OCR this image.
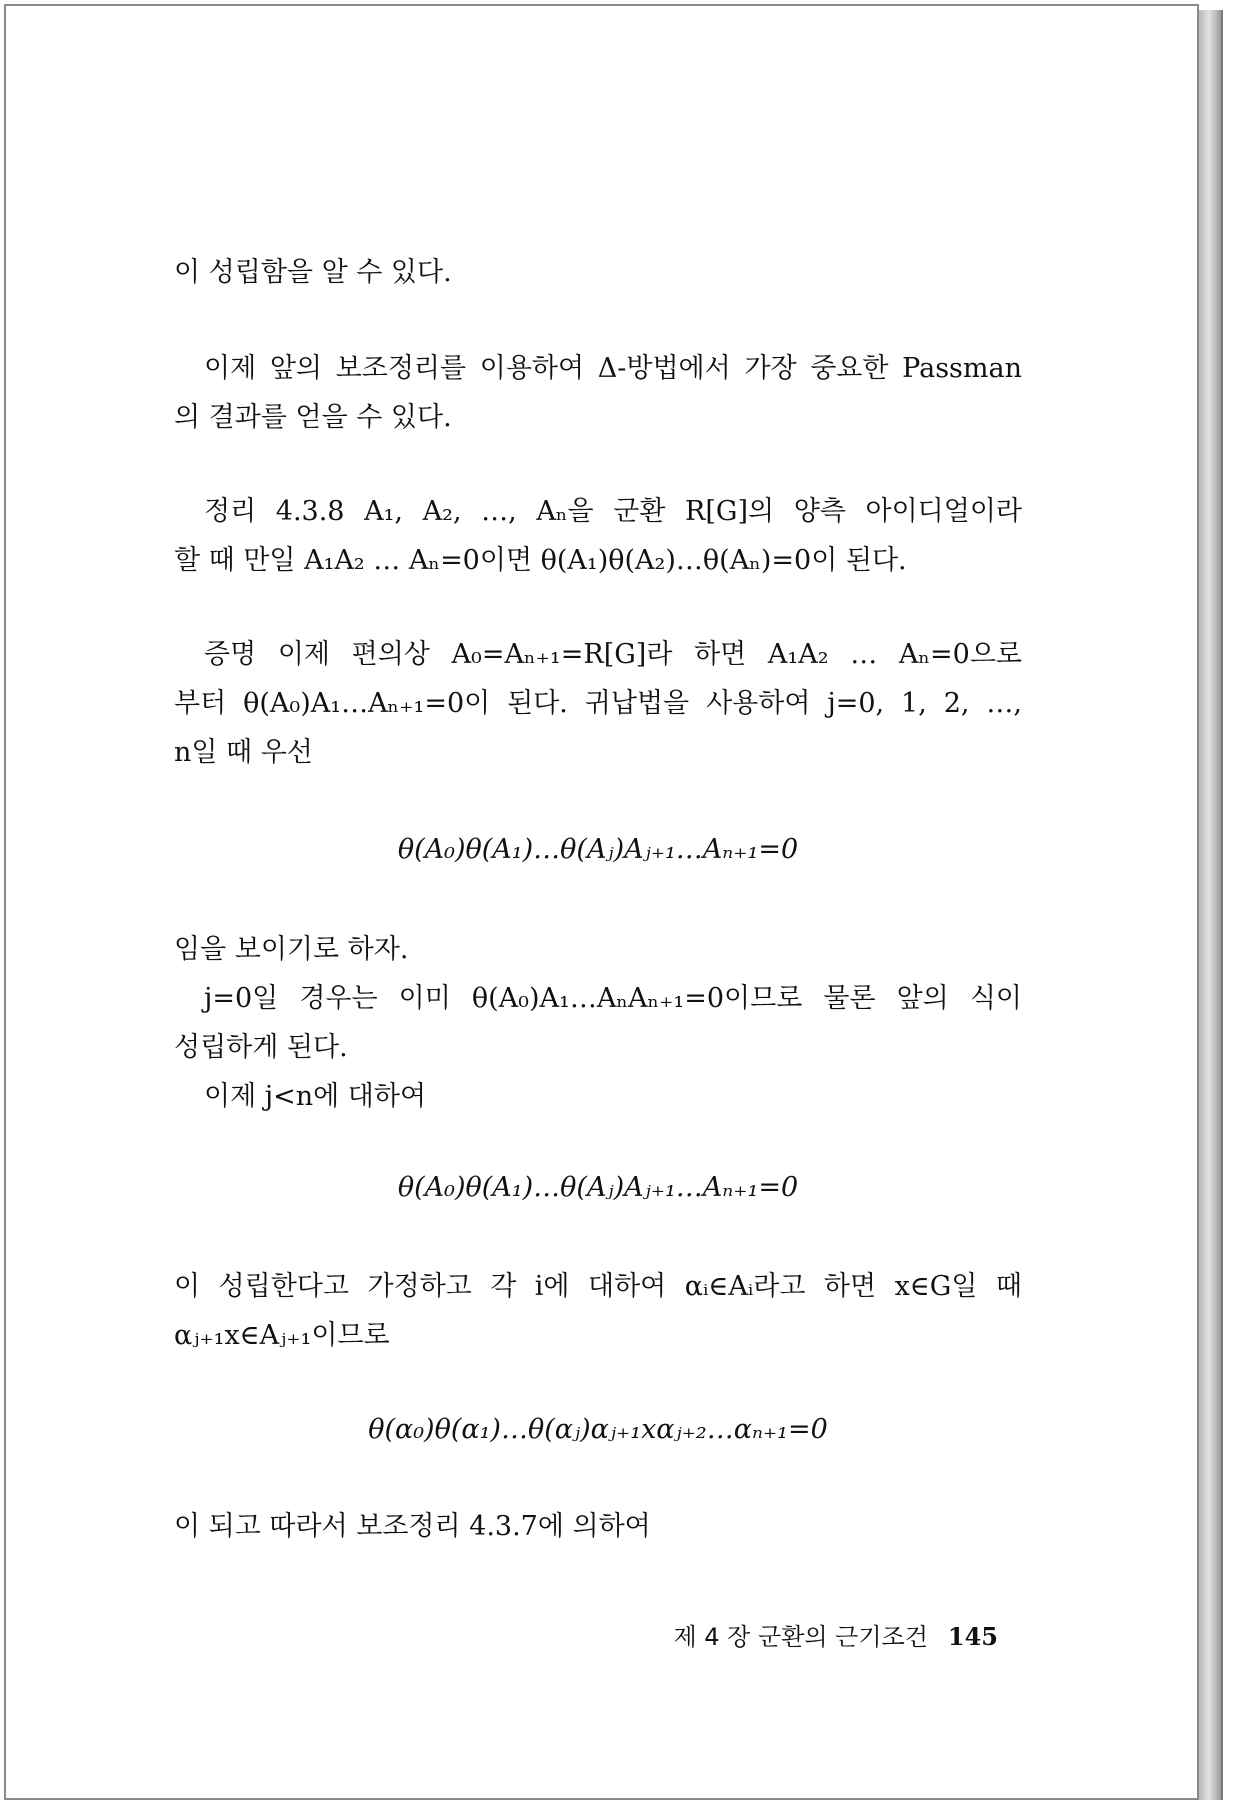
이 성립함을 알 수 있다.
이제 앞의 보조정리를 이용하여 Δ-방법에서 가장 중요한 Passman
의 결과를 얻을 수 있다.
정리 4.3.8 A₁, A₂, …, Aₙ을 군환 R[G]의 양측 아이디얼이라
할 때 만일 A₁A₂ … Aₙ=0이면 θ(A₁)θ(A₂)…θ(Aₙ)=0이 된다.
증명 이제 편의상 A₀=Aₙ₊₁=R[G]라 하면 A₁A₂ … Aₙ=0으로
부터 θ(A₀)A₁…Aₙ₊₁=0이 된다. 귀납법을 사용하여 j=0, 1, 2, …,
n일 때 우선
θ(A₀)θ(A₁)…θ(Aⱼ)Aⱼ₊₁…Aₙ₊₁=0
임을 보이기로 하자.
j=0일 경우는 이미 θ(A₀)A₁…AₙAₙ₊₁=0이므로 물론 앞의 식이
성립하게 된다.
이제 j<n에 대하여
θ(A₀)θ(A₁)…θ(Aⱼ)Aⱼ₊₁…Aₙ₊₁=0
이 성립한다고 가정하고 각 i에 대하여 αᵢ∈Aᵢ라고 하면 x∈G일 때
αⱼ₊₁x∈Aⱼ₊₁이므로
θ(α₀)θ(α₁)…θ(αⱼ)αⱼ₊₁xαⱼ₊₂…αₙ₊₁=0
이 되고 따라서 보조정리 4.3.7에 의하여
제 4 장 군환의 근기조건 145
